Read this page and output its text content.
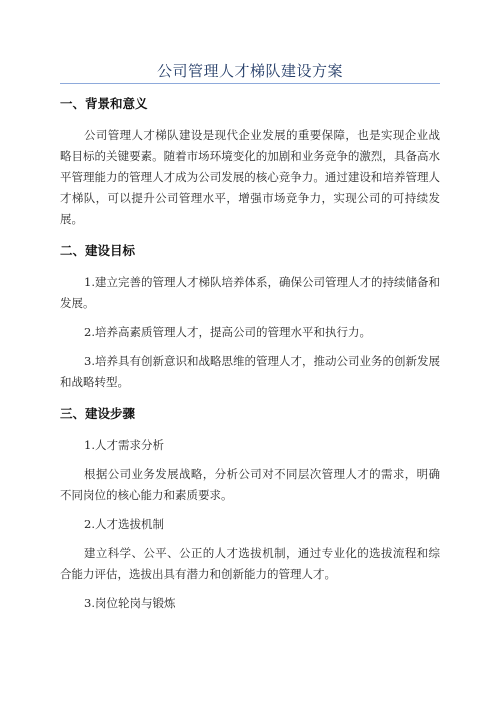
公司管理人才梯队建设方案
一、背景和意义

公司管理人才梯队建设是现代企业发展的重要保障，也是实现企业战略目标的关键要素。随着市场环境变化的加剧和业务竞争的激烈，具备高水平管理能力的管理人才成为公司发展的核心竞争力。通过建设和培养管理人才梯队，可以提升公司管理水平，增强市场竞争力，实现公司的可持续发展。

二、建设目标

1.建立完善的管理人才梯队培养体系，确保公司管理人才的持续储备和发展。

2.培养高素质管理人才，提高公司的管理水平和执行力。

3.培养具有创新意识和战略思维的管理人才，推动公司业务的创新发展和战略转型。

三、建设步骤

1.人才需求分析

根据公司业务发展战略，分析公司对不同层次管理人才的需求，明确不同岗位的核心能力和素质要求。

2.人才选拔机制

建立科学、公平、公正的人才选拔机制，通过专业化的选拔流程和综合能力评估，选拔出具有潜力和创新能力的管理人才。

3.岗位轮岗与锻炼
